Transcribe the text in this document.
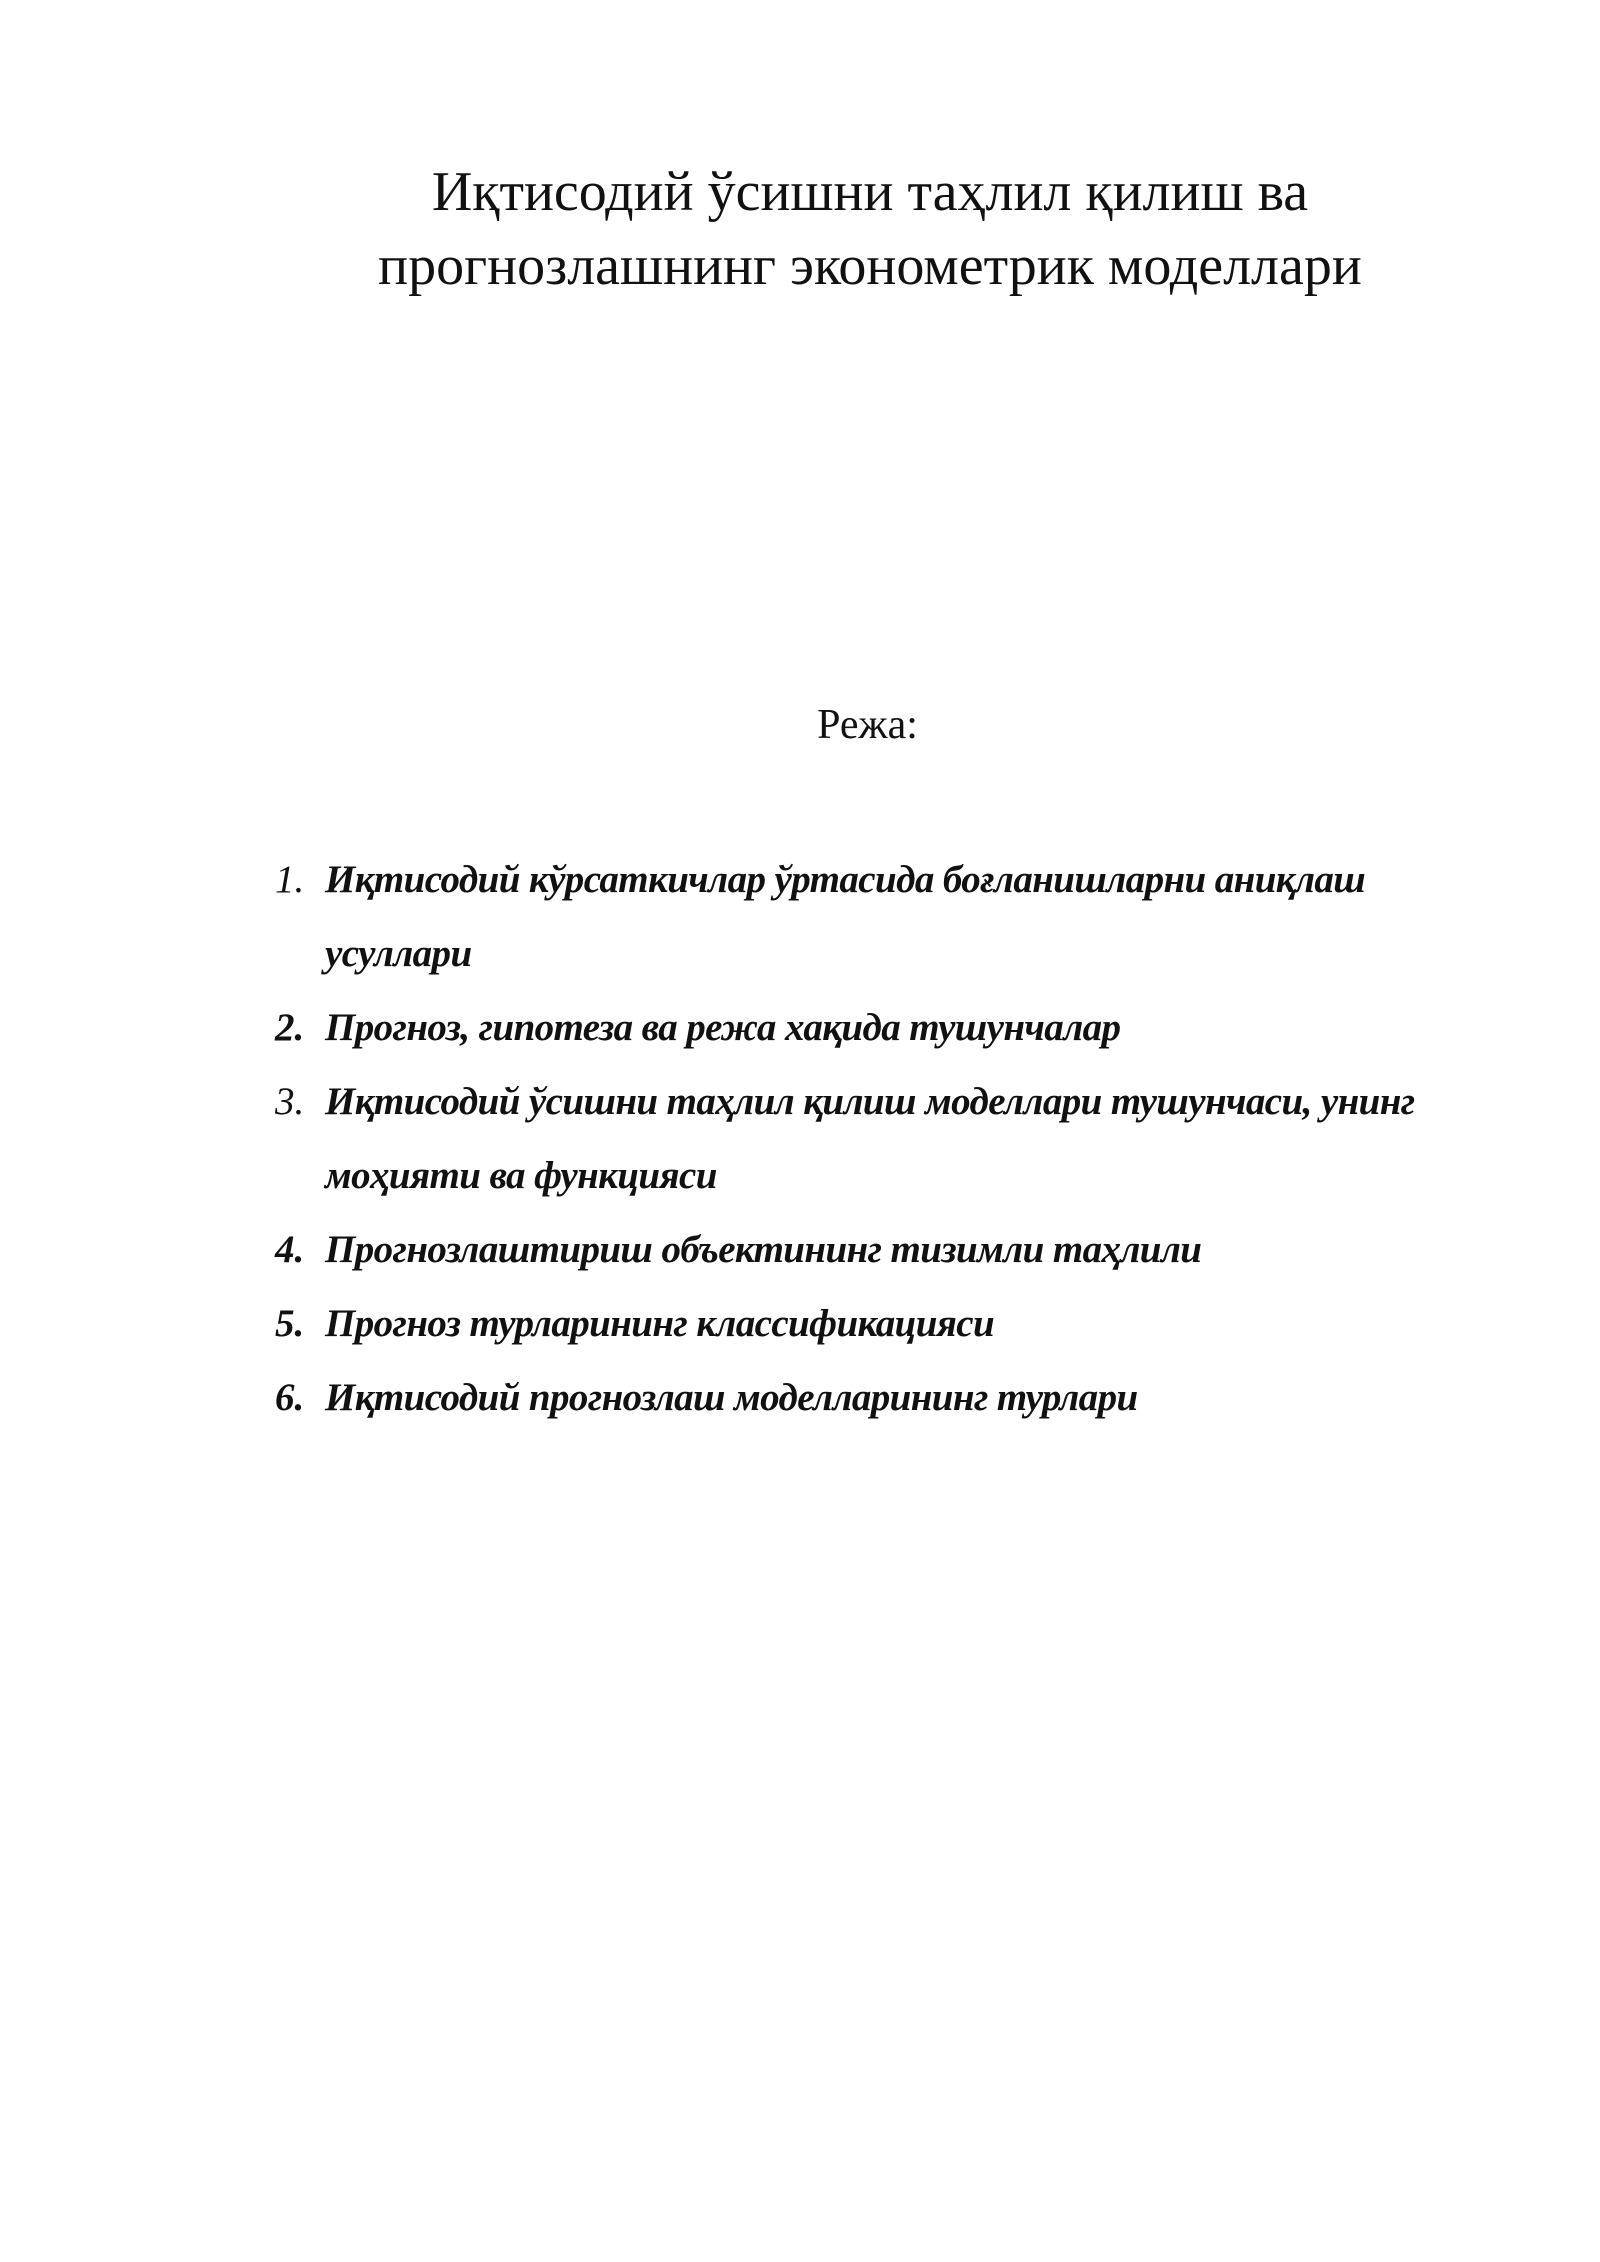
Иқтисодий ўсишни таҳлил қилиш ва
прогнозлашнинг эконометрик моделлари
Режа:
1. Иқтисодий кўрсаткичлар ўртасида боғланишларни аниқлаш усуллари
2. Прогноз, гипотеза ва режа хақида тушунчалар
3. Иқтисодий ўсишни таҳлил қилиш моделлари тушунчаси, унинг моҳияти ва функцияси
4. Прогнозлаштириш объектининг тизимли таҳлили
5. Прогноз турларининг классификацияси
6. Иқтисодий прогнозлаш моделларининг турлари
